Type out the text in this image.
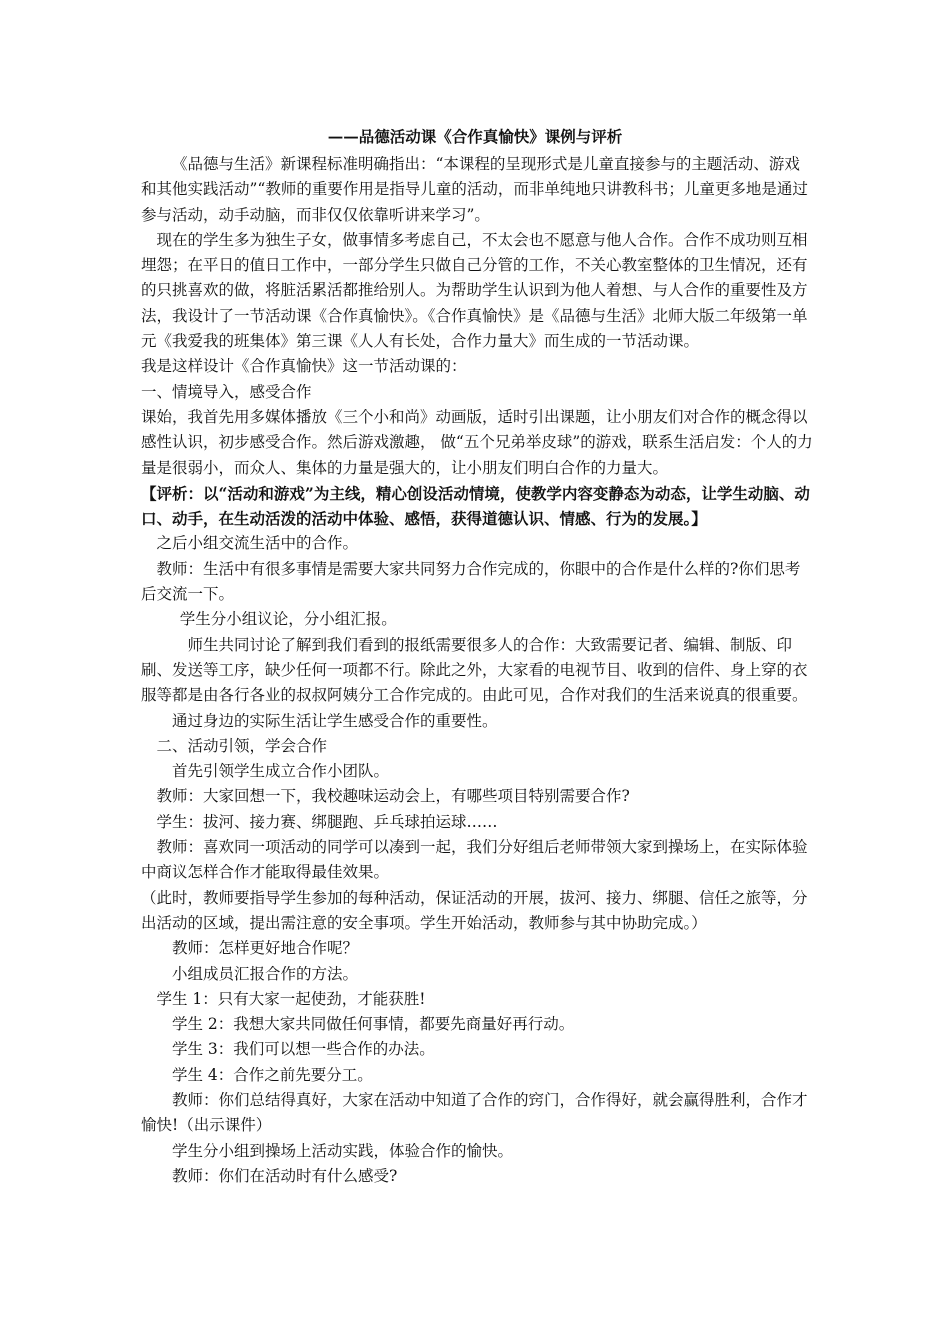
——品德活动课《合作真愉快》课例与评析

《品德与生活》新课程标准明确指出：“本课程的呈现形式是儿童直接参与的主题活动、游戏和其他实践活动”“教师的重要作用是指导儿童的活动，而非单纯地只讲教科书；儿童更多地是通过参与活动，动手动脑，而非仅仅依靠听讲来学习”。

现在的学生多为独生子女，做事情多考虑自己，不太会也不愿意与他人合作。合作不成功则互相埋怨；在平日的值日工作中，一部分学生只做自己分管的工作，不关心教室整体的卫生情况，还有的只挑喜欢的做，将脏活累活都推给别人。为帮助学生认识到为他人着想、与人合作的重要性及方法，我设计了一节活动课《合作真愉快》。《合作真愉快》是《品德与生活》北师大版二年级第一单元《我爱我的班集体》第三课《人人有长处，合作力量大》而生成的一节活动课。

我是这样设计《合作真愉快》这一节活动课的：

一、情境导入，感受合作

课始，我首先用多媒体播放《三个小和尚》动画版，适时引出课题，让小朋友们对合作的概念得以感性认识，初步感受合作。然后游戏激趣， 做“五个兄弟举皮球”的游戏，联系生活启发：个人的力量是很弱小，而众人、集体的力量是强大的，让小朋友们明白合作的力量大。

【评析：以“活动和游戏”为主线，精心创设活动情境，使教学内容变静态为动态，让学生动脑、动口、动手，在生动活泼的活动中体验、感悟，获得道德认识、情感、行为的发展。】

之后小组交流生活中的合作。

教师：生活中有很多事情是需要大家共同努力合作完成的，你眼中的合作是什么样的?你们思考后交流一下。

学生分小组议论，分小组汇报。

师生共同讨论了解到我们看到的报纸需要很多人的合作：大致需要记者、编辑、制版、印刷、发送等工序，缺少任何一项都不行。除此之外，大家看的电视节目、收到的信件、身上穿的衣服等都是由各行各业的叔叔阿姨分工合作完成的。由此可见，合作对我们的生活来说真的很重要。

通过身边的实际生活让学生感受合作的重要性。

二、活动引领，学会合作

首先引领学生成立合作小团队。

教师：大家回想一下，我校趣味运动会上，有哪些项目特别需要合作?

学生：拔河、接力赛、绑腿跑、乒乓球拍运球……

教师：喜欢同一项活动的同学可以凑到一起，我们分好组后老师带领大家到操场上，在实际体验中商议怎样合作才能取得最佳效果。

（此时，教师要指导学生参加的每种活动，保证活动的开展，拔河、接力、绑腿、信任之旅等，分出活动的区域，提出需注意的安全事项。学生开始活动，教师参与其中协助完成。）

教师：怎样更好地合作呢？

小组成员汇报合作的方法。

学生 1：只有大家一起使劲，才能获胜!

学生 2：我想大家共同做任何事情，都要先商量好再行动。

学生 3：我们可以想一些合作的办法。

学生 4：合作之前先要分工。

教师：你们总结得真好，大家在活动中知道了合作的窍门，合作得好，就会赢得胜利，合作才愉快!（出示课件）

学生分小组到操场上活动实践，体验合作的愉快。

教师：你们在活动时有什么感受?
